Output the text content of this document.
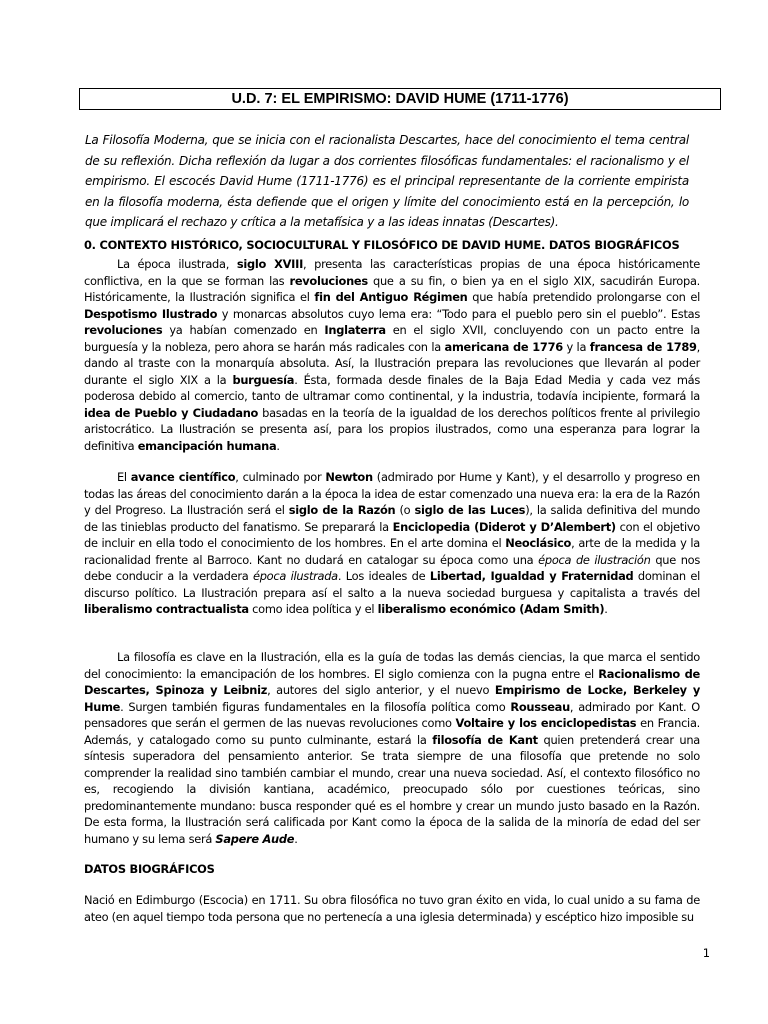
U.D. 7: EL EMPIRISMO: DAVID HUME (1711-1776)
La Filosofía Moderna, que se inicia con el racionalista Descartes, hace del conocimiento el tema central de su reflexión. Dicha reflexión da lugar a dos corrientes filosóficas fundamentales: el racionalismo y el empirismo. El escocés David Hume (1711-1776) es el principal representante de la corriente empirista en la filosofía moderna, ésta defiende que el origen y límite del conocimiento está en la percepción, lo que implicará el rechazo y crítica a la metafísica y a las ideas innatas (Descartes).
0. CONTEXTO HISTÓRICO, SOCIOCULTURAL Y FILOSÓFICO DE DAVID HUME. DATOS BIOGRÁFICOS

La época ilustrada, siglo XVIII, presenta las características propias de una época históricamente conflictiva, en la que se forman las revoluciones que a su fin, o bien ya en el siglo XIX, sacudirán Europa. Históricamente, la Ilustración significa el fin del Antiguo Régimen que había pretendido prolongarse con el Despotismo Ilustrado y monarcas absolutos cuyo lema era: “Todo para el pueblo pero sin el pueblo”. Estas revoluciones ya habían comenzado en Inglaterra en el siglo XVII, concluyendo con un pacto entre la burguesía y la nobleza, pero ahora se harán más radicales con la americana de 1776 y la francesa de 1789, dando al traste con la monarquía absoluta. Así, la Ilustración prepara las revoluciones que llevarán al poder durante el siglo XIX a la burguesía. Ésta, formada desde finales de la Baja Edad Media y cada vez más poderosa debido al comercio, tanto de ultramar como continental, y la industria, todavía incipiente, formará la idea de Pueblo y Ciudadano basadas en la teoría de la igualdad de los derechos políticos frente al privilegio aristocrático. La Ilustración se presenta así, para los propios ilustrados, como una esperanza para lograr la definitiva emancipación humana.

El avance científico, culminado por Newton (admirado por Hume y Kant), y el desarrollo y progreso en todas las áreas del conocimiento darán a la época la idea de estar comenzado una nueva era: la era de la Razón y del Progreso. La Ilustración será el siglo de la Razón (o siglo de las Luces), la salida definitiva del mundo de las tinieblas producto del fanatismo. Se preparará la Enciclopedia (Diderot y D’Alembert) con el objetivo de incluir en ella todo el conocimiento de los hombres. En el arte domina el Neoclásico, arte de la medida y la racionalidad frente al Barroco. Kant no dudará en catalogar su época como una época de ilustración que nos debe conducir a la verdadera época ilustrada. Los ideales de Libertad, Igualdad y Fraternidad dominan el discurso político. La Ilustración prepara así el salto a la nueva sociedad burguesa y capitalista a través del liberalismo contractualista como idea política y el liberalismo económico (Adam Smith).

La filosofía es clave en la Ilustración, ella es la guía de todas las demás ciencias, la que marca el sentido del conocimiento: la emancipación de los hombres. El siglo comienza con la pugna entre el Racionalismo de Descartes, Spinoza y Leibniz, autores del siglo anterior, y el nuevo Empirismo de Locke, Berkeley y Hume. Surgen también figuras fundamentales en la filosofía política como Rousseau, admirado por Kant. O pensadores que serán el germen de las nuevas revoluciones como Voltaire y los enciclopedistas en Francia. Además, y catalogado como su punto culminante, estará la filosofía de Kant quien pretenderá crear una síntesis superadora del pensamiento anterior. Se trata siempre de una filosofía que pretende no solo comprender la realidad sino también cambiar el mundo, crear una nueva sociedad. Así, el contexto filosófico no es, recogiendo la división kantiana, académico, preocupado sólo por cuestiones teóricas, sino predominantemente mundano: busca responder qué es el hombre y crear un mundo justo basado en la Razón. De esta forma, la Ilustración será calificada por Kant como la época de la salida de la minoría de edad del ser humano y su lema será Sapere Aude.

DATOS BIOGRÁFICOS

Nació en Edimburgo (Escocia) en 1711. Su obra filosófica no tuvo gran éxito en vida, lo cual unido a su fama de ateo (en aquel tiempo toda persona que no pertenecía a una iglesia determinada) y escéptico hizo imposible su

1
